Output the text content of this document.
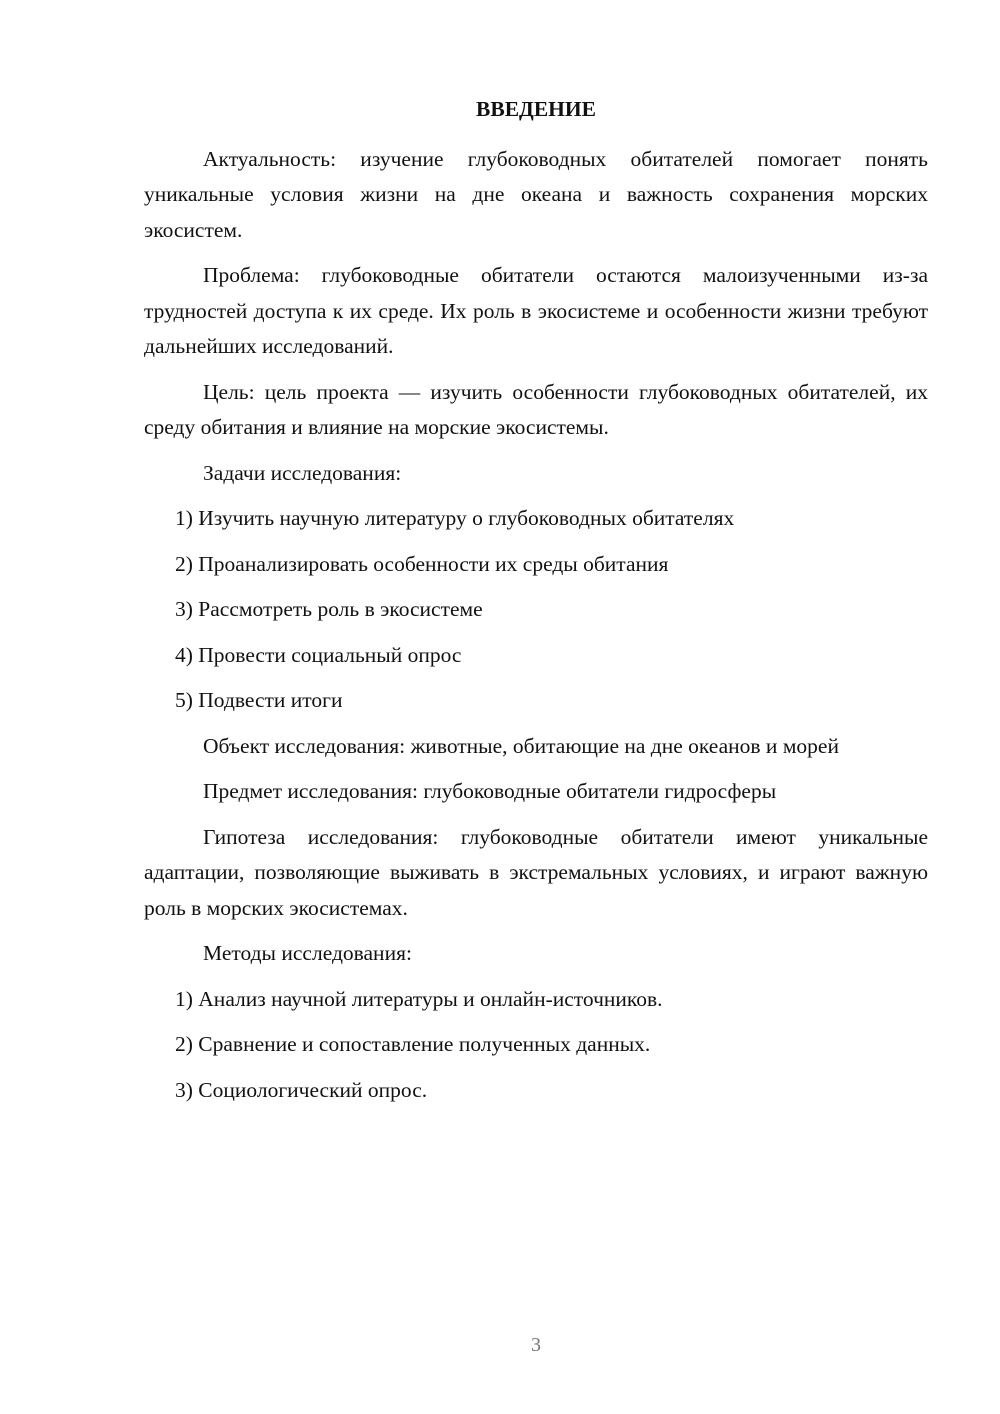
ВВЕДЕНИЕ

Актуальность: изучение глубоководных обитателей помогает понять уникальные условия жизни на дне океана и важность сохранения морских экосистем.

Проблема: глубоководные обитатели остаются малоизученными из-за трудностей доступа к их среде. Их роль в экосистеме и особенности жизни требуют дальнейших исследований.

Цель: цель проекта — изучить особенности глубоководных обитателей, их среду обитания и влияние на морские экосистемы.

Задачи исследования:

1) Изучить научную литературу о глубоководных обитателях
2) Проанализировать особенности их среды обитания
3) Рассмотреть роль в экосистеме
4) Провести социальный опрос
5) Подвести итоги

Объект исследования: животные, обитающие на дне океанов и морей

Предмет исследования: глубоководные обитатели гидросферы

Гипотеза исследования: глубоководные обитатели имеют уникальные адаптации, позволяющие выживать в экстремальных условиях, и играют важную роль в морских экосистемах.

Методы исследования:

1) Анализ научной литературы и онлайн-источников.
2) Сравнение и сопоставление полученных данных.
3) Социологический опрос.
3
